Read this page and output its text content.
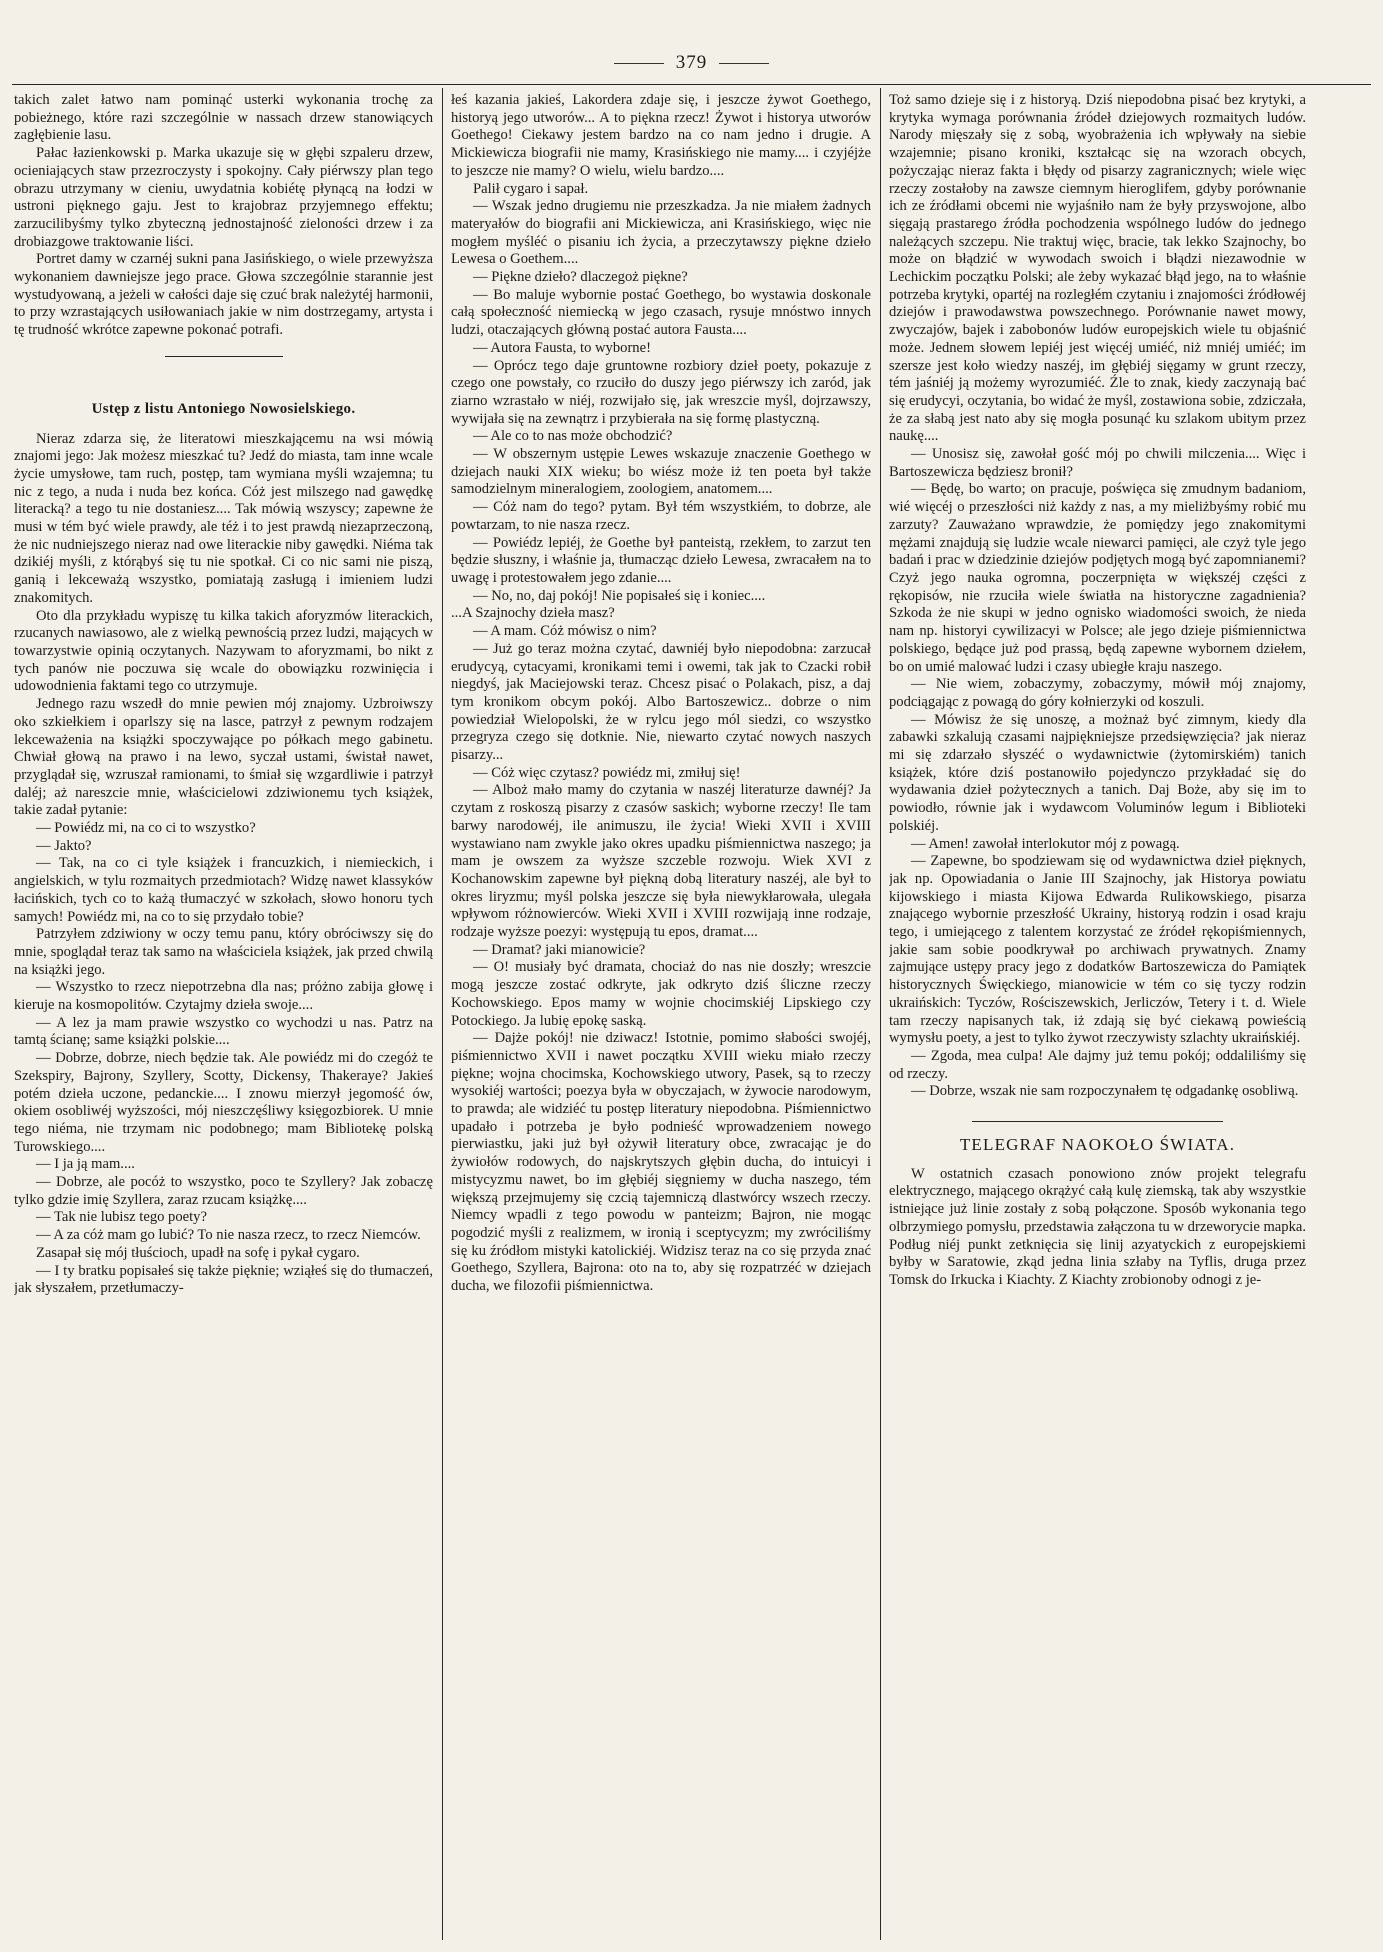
379

takich zalet łatwo nam pominąć usterki wykonania trochę za pobieżnego, które razi szczególnie w nassach drzew stanowiących zagłębienie lasu.

Pałac łazienkowski p. Marka ukazuje się w głębi szpaleru drzew, ocieniających staw przezroczysty i spokojny. Cały piérwszy plan tego obrazu utrzymany w cieniu, uwydatnia kobiétę płynącą na łodzi w ustroni pięknego gaju. Jest to krajobraz przyjemnego effektu; zarzucilibyśmy tylko zbyteczną jednostajność zieloności drzew i za drobiazgowe traktowanie liści.

Portret damy w czarnéj sukni pana Jasińskiego, o wiele przewyższa wykonaniem dawniejsze jego prace. Głowa szczególnie starannie jest wystudyowaną, a jeżeli w całości daje się czuć brak należytéj harmonii, to przy wzrastających usiłowaniach jakie w nim dostrzegamy, artysta i tę trudność wkrótce zapewne pokonać potrafi.

Ustęp z listu Antoniego Nowosielskiego.

Nieraz zdarza się, że literatowi mieszkającemu na wsi mówią znajomi jego: Jak możesz mieszkać tu? Jedź do miasta, tam inne wcale życie umysłowe, tam ruch, postęp, tam wymiana myśli wzajemna; tu nic z tego, a nuda i nuda bez końca. Cóż jest milszego nad gawędkę literacką? a tego tu nie dostaniesz.... Tak mówią wszyscy; zapewne że musi w tém być wiele prawdy, ale téż i to jest prawdą niezaprzeczoną, że nic nudniejszego nieraz nad owe literackie niby gawędki. Niéma tak dzikiéj myśli, z którąbyś się tu nie spotkał. Ci co nic sami nie piszą, ganią i lekceważą wszystko, pomiatają zasługą i imieniem ludzi znakomitych.

Oto dla przykładu wypiszę tu kilka takich aforyzmów literackich, rzucanych nawiasowo, ale z wielką pewnością przez ludzi, mających w towarzystwie opinią oczytanych. Nazywam to aforyzmami, bo nikt z tych panów nie poczuwa się wcale do obowiązku rozwinięcia i udowodnienia faktami tego co utrzymuje.

Jednego razu wszedł do mnie pewien mój znajomy. Uzbroiwszy oko szkiełkiem i oparlszy się na lasce, patrzył z pewnym rodzajem lekceważenia na książki spoczywające po półkach mego gabinetu. Chwiał głową na prawo i na lewo, syczał ustami, świstał nawet, przyglądał się, wzruszał ramionami, to śmiał się wzgardliwie i patrzył daléj; aż nareszcie mnie, właścicielowi zdziwionemu tych książek, takie zadał pytanie:

— Powiédz mi, na co ci to wszystko?

— Jakto?

— Tak, na co ci tyle książek i francuzkich, i niemieckich, i angielskich, w tylu rozmaitych przedmiotach? Widzę nawet klassyków łacińskich, tych co to każą tłumaczyć w szkołach, słowo honoru tych samych! Powiédz mi, na co to się przydało tobie?

Patrzyłem zdziwiony w oczy temu panu, który obróciwszy się do mnie, spoglądał teraz tak samo na właściciela książek, jak przed chwilą na książki jego.

— Wszystko to rzecz niepotrzebna dla nas; próżno zabija głowę i kieruje na kosmopolitów. Czytajmy dzieła swoje....

— A lez ja mam prawie wszystko co wychodzi u nas. Patrz na tamtą ścianę; same książki polskie....

— Dobrze, dobrze, niech będzie tak. Ale powiédz mi do czegóż te Szekspiry, Bajrony, Szyllery, Scotty, Dickensy, Thakeraye? Jakieś potém dzieła uczone, pedanckie.... I znowu mierzył jegomość ów, okiem osobliwéj wyższości, mój nieszczęśliwy księgozbiorek. U mnie tego niéma, nie trzymam nic podobnego; mam Bibliotekę polską Turowskiego....

— I ja ją mam....

— Dobrze, ale pocóż to wszystko, poco te Szyllery? Jak zobaczę tylko gdzie imię Szyllera, zaraz rzucam książkę....

— Tak nie lubisz tego poety?

— A za cóż mam go lubić? To nie nasza rzecz, to rzecz Niemców.

Zasapał się mój tłuścioch, upadł na sofę i pykał cygaro.

— I ty bratku popisałeś się także pięknie; wziąłeś się do tłumaczeń, jak słyszałem, przetłumaczy-

łeś kazania jakieś, Lakordera zdaje się, i jeszcze żywot Goethego, historyą jego utworów... A to piękna rzecz! Żywot i historya utworów Goethego! Ciekawy jestem bardzo na co nam jedno i drugie. A Mickiewicza biografii nie mamy, Krasińskiego nie mamy.... i czyjéjże to jeszcze nie mamy? O wielu, wielu bardzo....

Palił cygaro i sapał.

— Wszak jedno drugiemu nie przeszkadza. Ja nie miałem żadnych materyałów do biografii ani Mickiewicza, ani Krasińskiego, więc nie mogłem myśléć o pisaniu ich życia, a przeczytawszy piękne dzieło Lewesa o Goethem....

— Piękne dzieło? dlaczegoż piękne?

— Bo maluje wybornie postać Goethego, bo wystawia doskonale całą społeczność niemiecką w jego czasach, rysuje mnóstwo innych ludzi, otaczających główną postać autora Fausta....

— Autora Fausta, to wyborne!

— Oprócz tego daje gruntowne rozbiory dzieł poety, pokazuje z czego one powstały, co rzuciło do duszy jego piérwszy ich zaród, jak ziarno wzrastało w niéj, rozwijało się, jak wreszcie myśl, dojrzawszy, wywijała się na zewnątrz i przybierała na się formę plastyczną.

— Ale co to nas może obchodzić?

— W obszernym ustępie Lewes wskazuje znaczenie Goethego w dziejach nauki XIX wieku; bo wiész może iż ten poeta był także samodzielnym mineralogiem, zoologiem, anatomem....

— Cóż nam do tego? pytam. Był tém wszystkiém, to dobrze, ale powtarzam, to nie nasza rzecz.

— Powiédz lepiéj, że Goethe był panteistą, rzekłem, to zarzut ten będzie słuszny, i właśnie ja, tłumacząc dzieło Lewesa, zwracałem na to uwagę i protestowałem jego zdanie....

— No, no, daj pokój! Nie popisałeś się i koniec....

...A Szajnochy dzieła masz?

— A mam. Cóż mówisz o nim?

— Już go teraz można czytać, dawniéj było niepodobna: zarzucał erudycyą, cytacyami, kronikami temi i owemi, tak jak to Czacki robił niegdyś, jak Maciejowski teraz. Chcesz pisać o Polakach, pisz, a daj tym kronikom obcym pokój. Albo Bartoszewicz.. dobrze o nim powiedział Wielopolski, że w rylcu jego mól siedzi, co wszystko przegryza czego się dotknie. Nie, niewarto czytać nowych naszych pisarzy...

— Cóż więc czytasz? powiédz mi, zmiłuj się!

— Alboż mało mamy do czytania w naszéj literaturze dawnéj? Ja czytam z roskoszą pisarzy z czasów saskich; wyborne rzeczy! Ile tam barwy narodowéj, ile animuszu, ile życia! Wieki XVII i XVIII wystawiano nam zwykle jako okres upadku piśmiennictwa naszego; ja mam je owszem za wyższe szczeble rozwoju. Wiek XVI z Kochanowskim zapewne był piękną dobą literatury naszéj, ale był to okres liryzmu; myśl polska jeszcze się była niewykłarowała, ulegała wpływom różnowierców. Wieki XVII i XVIII rozwijają inne rodzaje, rodzaje wyższe poezyi: występują tu epos, dramat....

— Dramat? jaki mianowicie?

— O! musiały być dramata, chociaż do nas nie doszły; wreszcie mogą jeszcze zostać odkryte, jak odkryto dziś śliczne rzeczy Kochowskiego. Epos mamy w wojnie chocimskiéj Lipskiego czy Potockiego. Ja lubię epokę saską.

— Dajże pokój! nie dziwacz! Istotnie, pomimo słabości swojéj, piśmiennictwo XVII i nawet początku XVIII wieku miało rzeczy piękne; wojna chocimska, Kochowskiego utwory, Pasek, są to rzeczy wysokiéj wartości; poezya była w obyczajach, w żywocie narodowym, to prawda; ale widziéć tu postęp literatury niepodobna. Piśmiennictwo upadało i potrzeba je było podnieść wprowadzeniem nowego pierwiastku, jaki już był ożywił literatury obce, zwracając je do żywiołów rodowych, do najskrytszych głębin ducha, do intuicyi i mistycyzmu nawet, bo im głębiéj sięgniemy w ducha naszego, tém większą przejmujemy się czcią tajemniczą dlastwórcy wszech rzeczy. Niemcy wpadli z tego powodu w panteizm; Bajron, nie mogąc pogodzić myśli z realizmem, w ironią i sceptycyzm; my zwróciliśmy się ku źródłom mistyki katolickiéj. Widzisz teraz na co się przyda znać Goethego, Szyllera, Bajrona: oto na to, aby się rozpatrzéć w dziejach ducha, we filozofii piśmiennictwa.

Toż samo dzieje się i z historyą. Dziś niepodobna pisać bez krytyki, a krytyka wymaga porównania źródeł dziejowych rozmaitych ludów. Narody mięszały się z sobą, wyobrażenia ich wpływały na siebie wzajemnie; pisano kroniki, kształcąc się na wzorach obcych, pożyczając nieraz fakta i błędy od pisarzy zagranicznych; wiele więc rzeczy zostałoby na zawsze ciemnym hieroglifem, gdyby porównanie ich ze źródłami obcemi nie wyjaśniło nam że były przyswojone, albo sięgają prastarego źródła pochodzenia wspólnego ludów do jednego należących szczepu. Nie traktuj więc, bracie, tak lekko Szajnochy, bo może on błądzić w wywodach swoich i błądzi niezawodnie w Lechickim początku Polski; ale żeby wykazać błąd jego, na to właśnie potrzeba krytyki, opartéj na rozległém czytaniu i znajomości źródłowéj dziejów i prawodawstwa powszechnego. Porównanie nawet mowy, zwyczajów, bajek i zabobonów ludów europejskich wiele tu objaśnić może. Jednem słowem lepiéj jest więcéj umiéć, niż mniéj umiéć; im szersze jest koło wiedzy naszéj, im głębiéj sięgamy w grunt rzeczy, tém jaśniéj ją możemy wyrozumiéć. Źle to znak, kiedy zaczynają bać się erudycyi, oczytania, bo widać że myśl, zostawiona sobie, zdziczała, że za słabą jest nato aby się mogła posunąć ku szlakom ubitym przez naukę....

— Unosisz się, zawołał gość mój po chwili milczenia.... Więc i Bartoszewicza będziesz bronił?

— Będę, bo warto; on pracuje, poświęca się zmudnym badaniom, wié więcéj o przeszłości niż każdy z nas, a my mieliżbyśmy robić mu zarzuty? Zauważano wprawdzie, że pomiędzy jego znakomitymi mężami znajdują się ludzie wcale niewarci pamięci, ale czyż tyle jego badań i prac w dziedzinie dziejów podjętych mogą być zapomnianemi? Czyż jego nauka ogromna, poczerpnięta w większéj części z rękopisów, nie rzuciła wiele światła na historyczne zagadnienia? Szkoda że nie skupi w jedno ognisko wiadomości swoich, że nieda nam np. historyi cywilizacyi w Polsce; ale jego dzieje piśmiennictwa polskiego, będące już pod prassą, będą zapewne wybornem dziełem, bo on umié malować ludzi i czasy ubiegłe kraju naszego.

— Nie wiem, zobaczymy, zobaczymy, mówił mój znajomy, podciągając z powagą do góry kołnierzyki od koszuli.

— Mówisz że się unoszę, a możnaż być zimnym, kiedy dla zabawki szkalują czasami najpiękniejsze przedsięwzięcia? jak nieraz mi się zdarzało słyszéć o wydawnictwie (żytomirskiém) tanich książek, które dziś postanowiło pojedynczo przykładać się do wydawania dzieł pożytecznych a tanich. Daj Boże, aby się im to powiodło, równie jak i wydawcom Voluminów legum i Biblioteki polskiéj.

— Amen! zawołał interlokutor mój z powagą.

— Zapewne, bo spodziewam się od wydawnictwa dzieł pięknych, jak np. Opowiadania o Janie III Szajnochy, jak Historya powiatu kijowskiego i miasta Kijowa Edwarda Rulikowskiego, pisarza znającego wybornie przeszłość Ukrainy, historyą rodzin i osad kraju tego, i umiejącego z talentem korzystać ze źródeł rękopiśmiennych, jakie sam sobie poodkrywał po archiwach prywatnych. Znamy zajmujące ustępy pracy jego z dodatków Bartoszewicza do Pamiątek historycznych Święckiego, mianowicie w tém co się tyczy rodzin ukraińskich: Tyczów, Rościszewskich, Jerliczów, Tetery i t. d. Wiele tam rzeczy napisanych tak, iż zdają się być ciekawą powieścią wymysłu poety, a jest to tylko żywot rzeczywisty szlachty ukraińskiéj.

— Zgoda, mea culpa! Ale dajmy już temu pokój; oddaliliśmy się od rzeczy.

— Dobrze, wszak nie sam rozpoczynałem tę odgadankę osobliwą.

TELEGRAF NAOKOŁO ŚWIATA.

W ostatnich czasach ponowiono znów projekt telegrafu elektrycznego, mającego okrążyć całą kulę ziemską, tak aby wszystkie istniejące już linie zostały z sobą połączone. Sposób wykonania tego olbrzymiego pomysłu, przedstawia załączona tu w drzeworycie mapka. Podług niéj punkt zetknięcia się linij azyatyckich z europejskiemi byłby w Saratowie, zkąd jedna linia szłaby na Tyflis, druga przez Tomsk do Irkucka i Kiachty. Z Kiachty zrobionoby odnogi z je-
